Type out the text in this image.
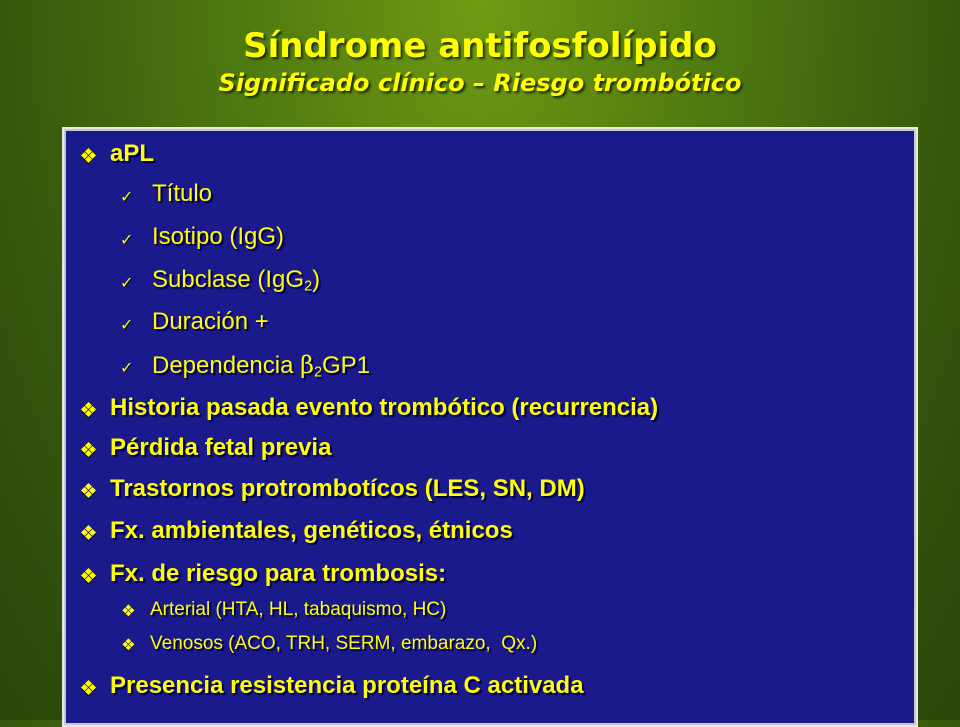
Síndrome antifosfolípido
Significado clínico – Riesgo trombótico
aPL
✓ Título
✓ Isotipo (IgG)
✓ Subclase (IgG$_2$)
✓ Duración +
✓ Dependencia $\beta_2GP1$
Historia pasada evento trombótico (recurrencia)
Pérdida fetal previa
Trastornos protrombotícos (LES, SN, DM)
Fx. ambientales, genéticos, étnicos
Fx. de riesgo para trombosis:
Arterial (HTA, HL, tabaquismo, HC)
Venosos (ACO, TRH, SERM, embarazo,  Qx.)
Presencia resistencia proteína C activada
